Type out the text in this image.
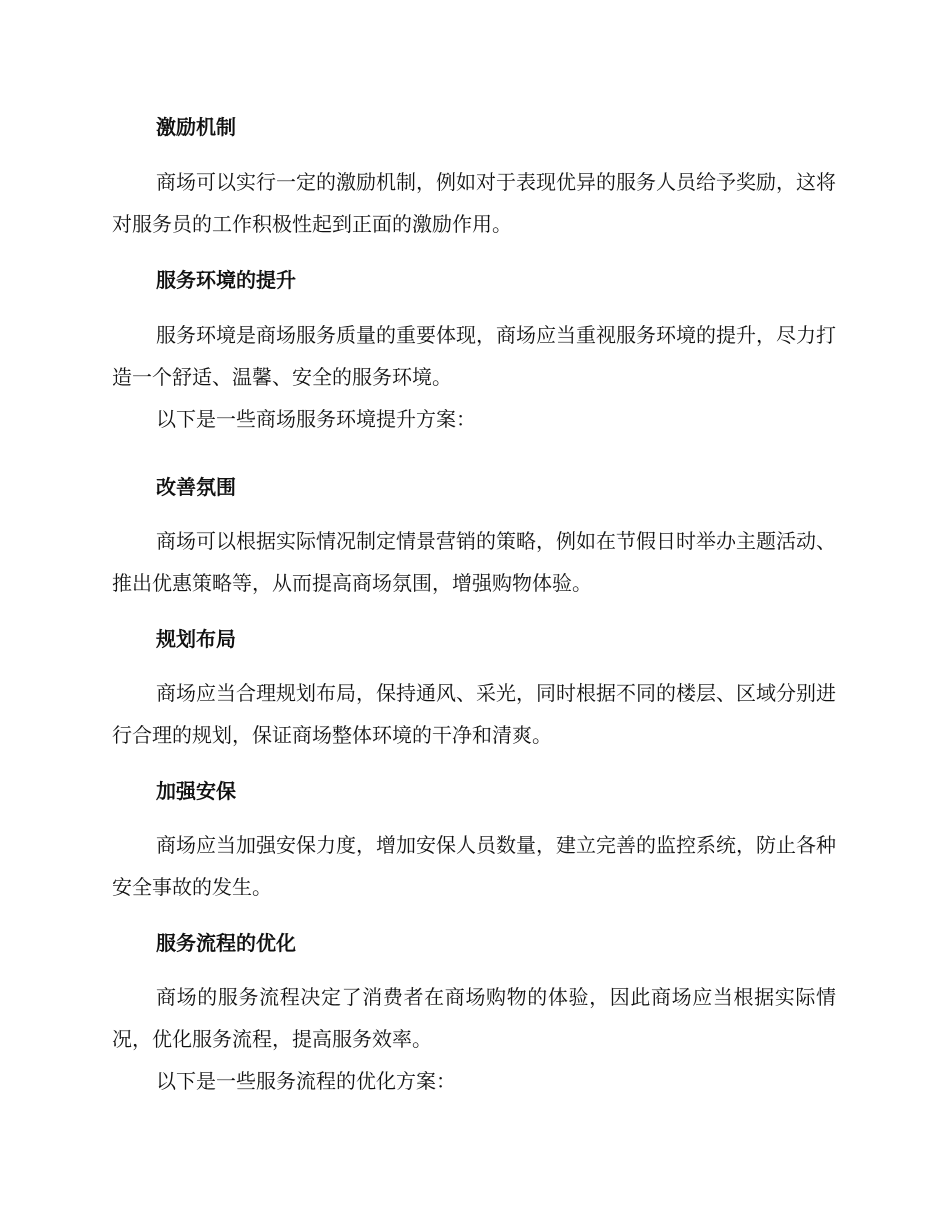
激励机制

商场可以实行一定的激励机制，例如对于表现优异的服务人员给予奖励，这将对服务员的工作积极性起到正面的激励作用。

服务环境的提升

服务环境是商场服务质量的重要体现，商场应当重视服务环境的提升，尽力打造一个舒适、温馨、安全的服务环境。

以下是一些商场服务环境提升方案：

改善氛围

商场可以根据实际情况制定情景营销的策略，例如在节假日时举办主题活动、推出优惠策略等，从而提高商场氛围，增强购物体验。

规划布局

商场应当合理规划布局，保持通风、采光，同时根据不同的楼层、区域分别进行合理的规划，保证商场整体环境的干净和清爽。

加强安保

商场应当加强安保力度，增加安保人员数量，建立完善的监控系统，防止各种安全事故的发生。

服务流程的优化

商场的服务流程决定了消费者在商场购物的体验，因此商场应当根据实际情况，优化服务流程，提高服务效率。

以下是一些服务流程的优化方案：
